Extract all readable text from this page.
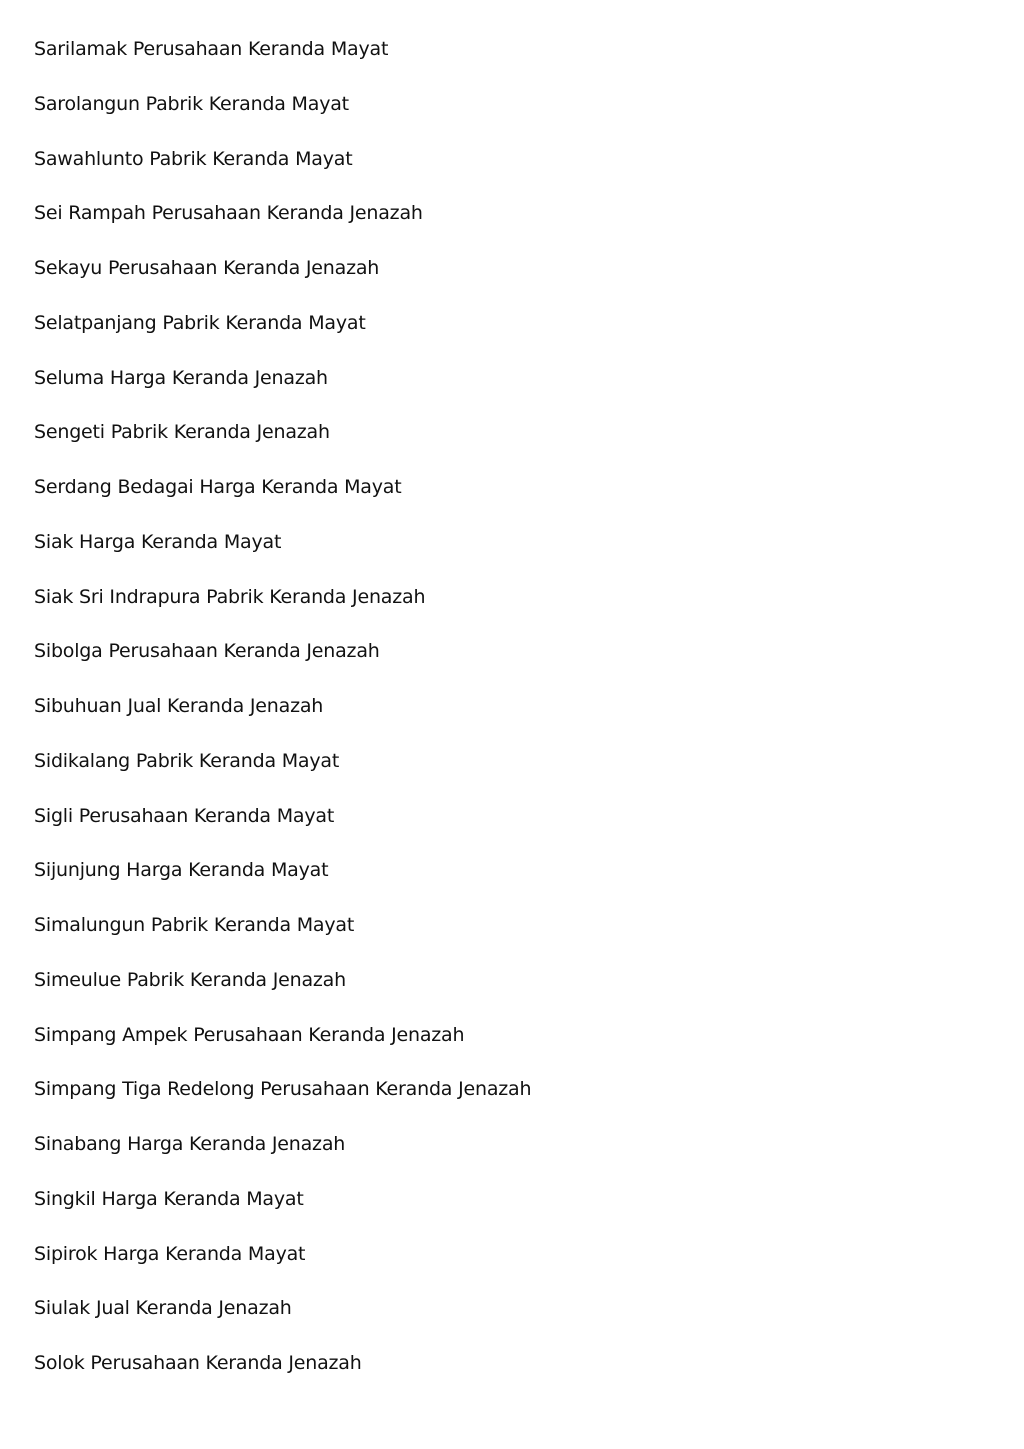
Sarilamak Perusahaan Keranda Mayat
Sarolangun Pabrik Keranda Mayat
Sawahlunto Pabrik Keranda Mayat
Sei Rampah Perusahaan Keranda Jenazah
Sekayu Perusahaan Keranda Jenazah
Selatpanjang Pabrik Keranda Mayat
Seluma Harga Keranda Jenazah
Sengeti Pabrik Keranda Jenazah
Serdang Bedagai Harga Keranda Mayat
Siak Harga Keranda Mayat
Siak Sri Indrapura Pabrik Keranda Jenazah
Sibolga Perusahaan Keranda Jenazah
Sibuhuan Jual Keranda Jenazah
Sidikalang Pabrik Keranda Mayat
Sigli Perusahaan Keranda Mayat
Sijunjung Harga Keranda Mayat
Simalungun Pabrik Keranda Mayat
Simeulue Pabrik Keranda Jenazah
Simpang Ampek Perusahaan Keranda Jenazah
Simpang Tiga Redelong Perusahaan Keranda Jenazah
Sinabang Harga Keranda Jenazah
Singkil Harga Keranda Mayat
Sipirok Harga Keranda Mayat
Siulak Jual Keranda Jenazah
Solok Perusahaan Keranda Jenazah
